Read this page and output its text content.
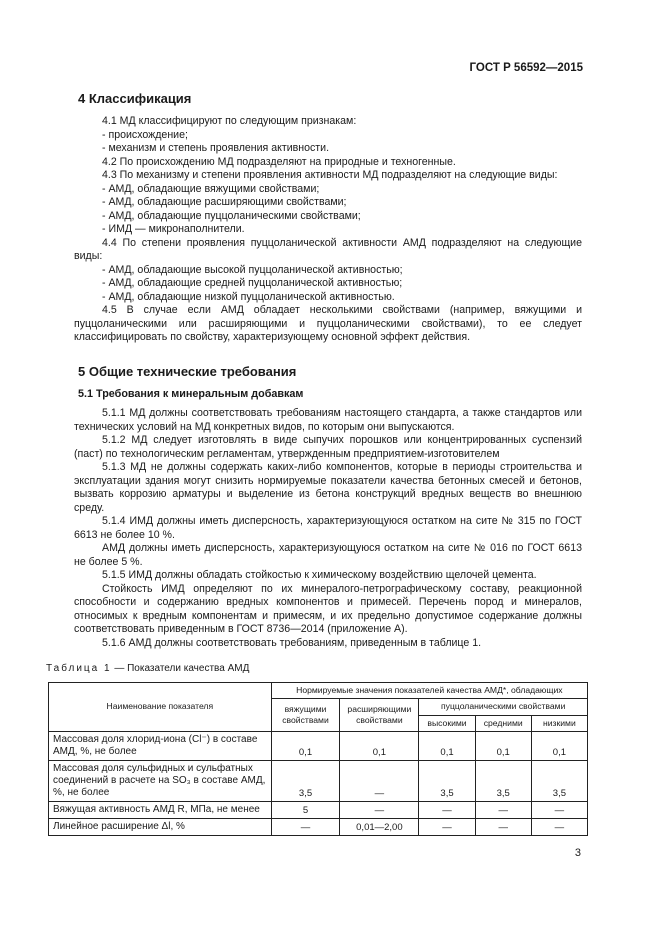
ГОСТ Р 56592—2015
4 Классификация

4.1 МД классифицируют по следующим признакам:

- происхождение;

- механизм и степень проявления активности.

4.2 По происхождению МД подразделяют на природные и техногенные.

4.3 По механизму и степени проявления активности МД подразделяют на следующие виды:

- АМД, обладающие вяжущими свойствами;

- АМД, обладающие расширяющими свойствами;

- АМД, обладающие пуццоланическими свойствами;

- ИМД — микронаполнители.

4.4 По степени проявления пуццоланической активности АМД подразделяют на следующие виды:

- АМД, обладающие высокой пуццоланической активностью;

- АМД, обладающие средней пуццоланической активностью;

- АМД, обладающие низкой пуццоланической активностью.

4.5 В случае если АМД обладает несколькими свойствами (например, вяжущими и пуццоланическими или расширяющими и пуццоланическими свойствами), то ее следует классифицировать по свойству, характеризующему основной эффект действия.

5 Общие технические требования
5.1 Требования к минеральным добавкам

5.1.1 МД должны соответствовать требованиям настоящего стандарта, а также стандартов или технических условий на МД конкретных видов, по которым они выпускаются.

5.1.2 МД следует изготовлять в виде сыпучих порошков или концентрированных суспензий (паст) по технологическим регламентам, утвержденным предприятием-изготовителем

5.1.3 МД не должны содержать каких-либо компонентов, которые в периоды строительства и эксплуатации здания могут снизить нормируемые показатели качества бетонных смесей и бетонов, вызвать коррозию арматуры и выделение из бетона конструкций вредных веществ во внешнюю среду.

5.1.4 ИМД должны иметь дисперсность, характеризующуюся остатком на сите № 315 по ГОСТ 6613 не более 10 %.

АМД должны иметь дисперсность, характеризующуюся остатком на сите № 016 по ГОСТ 6613 не более 5 %.

5.1.5 ИМД должны обладать стойкостью к химическому воздействию щелочей цемента.

Стойкость ИМД определяют по их минералого-петрографическому составу, реакционной способности и содержанию вредных компонентов и примесей. Перечень пород и минералов, относимых к вредным компонентам и примесям, и их предельно допустимое содержание должны соответствовать приведенным в ГОСТ 8736—2014 (приложение А).

5.1.6 АМД должны соответствовать требованиям, приведенным в таблице 1.

Таблица 1 — Показатели качества АМД
Наименование показателя	Нормируемые значения показателей качества АМД*, обладающих				
	вяжущими свойствами	расширяющими свойствами	пуццоланическими свойствами		
			высокими	средними	низкими
Массовая доля хлорид-иона (Cl⁻) в составе АМД, %, не более	0,1	0,1	0,1	0,1	0,1
Массовая доля сульфидных и сульфатных соединений в расчете на SO₃ в составе АМД, %, не более	3,5	—	3,5	3,5	3,5
Вяжущая активность АМД R, МПа, не менее	5	—	—	—	—
Линейное расширение Δl, %	—	0,01—2,00	—	—	—
3
